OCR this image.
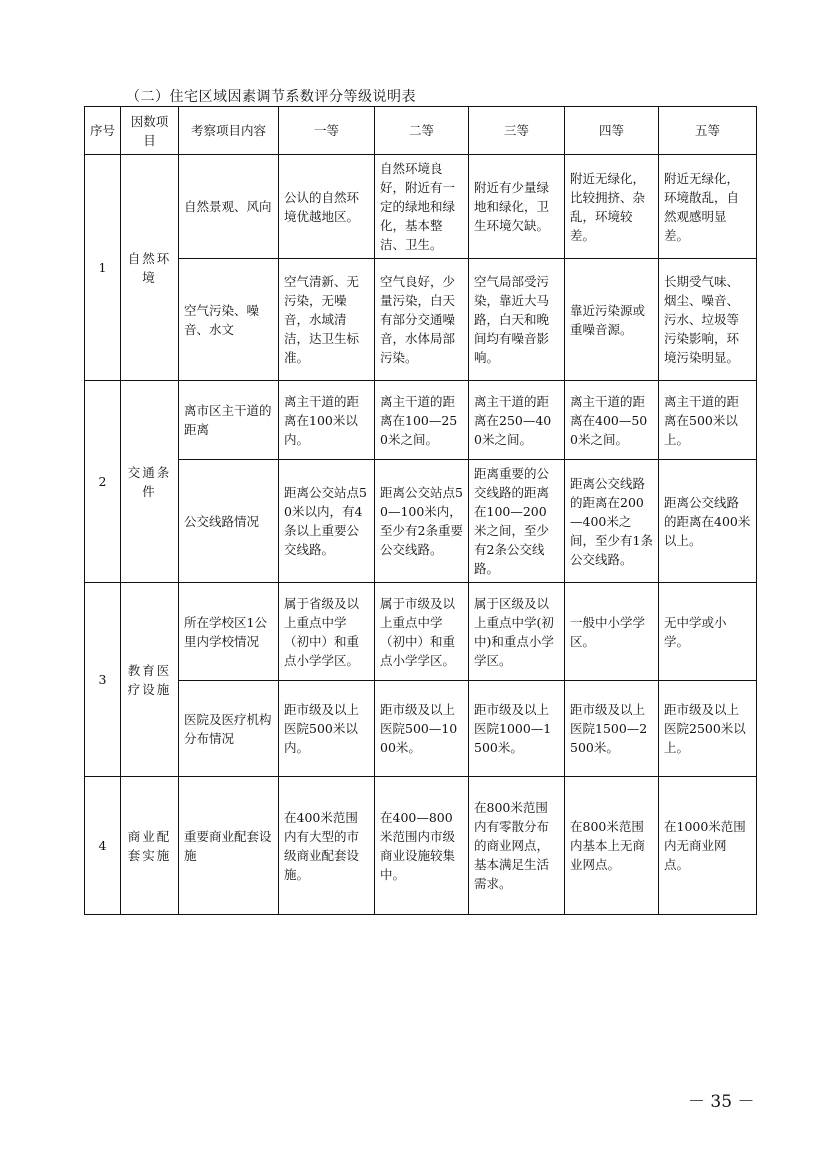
（二）住宅区域因素调节系数评分等级说明表
序号	因数项目	考察项目内容	一等	二等	三等	四等	五等
1	自然环境	自然景观、风向	公认的自然环境优越地区。	自然环境良好，附近有一定的绿地和绿化，基本整洁、卫生。	附近有少量绿地和绿化，卫生环境欠缺。	附近无绿化，比较拥挤、杂乱，环境较差。	附近无绿化，环境散乱，自然观感明显差。
		空气污染、噪音、水文	空气清新、无污染，无噪音，水域清洁，达卫生标准。	空气良好，少量污染，白天有部分交通噪音，水体局部污染。	空气局部受污染，靠近大马路，白天和晚间均有噪音影响。	靠近污染源或重噪音源。	长期受气味、烟尘、噪音、污水、垃圾等污染影响，环境污染明显。
2	交通条件	离市区主干道的距离	离主干道的距离在100米以内。	离主干道的距离在100—250米之间。	离主干道的距离在250—400米之间。	离主干道的距离在400—500米之间。	离主干道的距离在500米以上。
		公交线路情况	距离公交站点50米以内，有4条以上重要公交线路。	距离公交站点50—100米内，至少有2条重要公交线路。	距离重要的公交线路的距离在100—200米之间，至少有2条公交线路。	距离公交线路的距离在200—400米之间，至少有1条公交线路。	距离公交线路的距离在400米以上。
3	教育医疗设施	所在学校区1公里内学校情况	属于省级及以上重点中学（初中）和重点小学学区。	属于市级及以上重点中学（初中）和重点小学学区。	属于区级及以上重点中学(初中)和重点小学学区。	一般中小学学区。	无中学或小学。
		医院及医疗机构分布情况	距市级及以上医院500米以内。	距市级及以上医院500—1000米。	距市级及以上医院1000—1500米。	距市级及以上医院1500—2500米。	距市级及以上医院2500米以上。
4	商业配套实施	重要商业配套设施	在400米范围内有大型的市级商业配套设施。	在400—800米范围内市级商业设施较集中。	在800米范围内有零散分布的商业网点，基本满足生活需求。	在800米范围内基本上无商业网点。	在1000米范围内无商业网点。
－ 35 －
